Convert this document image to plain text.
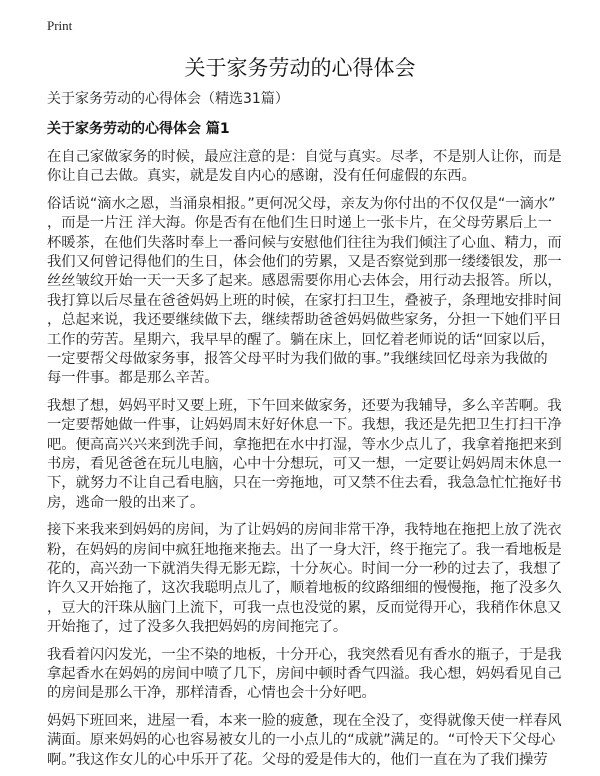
Print
关于家务劳动的心得体会
关于家务劳动的心得体会（精选31篇）
关于家务劳动的心得体会 篇1
在自己家做家务的时候，最应注意的是：自觉与真实。尽孝，不是别人让你，而是
你让自己去做。真实，就是发自内心的感谢，没有任何虚假的东西。
俗话说“滴水之恩，当涌泉相报。”更何况父母，亲友为你付出的不仅仅是“一滴水”
，而是一片汪 洋大海。你是否有在他们生日时递上一张卡片，在父母劳累后上一
杯暖茶，在他们失落时奉上一番问候与安慰他们往往为我们倾注了心血、精力，而
我们又何曾记得他们的生日，体会他们的劳累，又是否察觉到那一缕缕银发，那一
丝丝皱纹开始一天一天多了起来。感恩需要你用心去体会，用行动去报答。所以，
我打算以后尽量在爸爸妈妈上班的时候，在家打扫卫生，叠被子，条理地安排时间
，总起来说，我还要继续做下去，继续帮助爸爸妈妈做些家务，分担一下她们平日
工作的劳苦。星期六，我早早的醒了。躺在床上，回忆着老师说的话“回家以后，
一定要帮父母做家务事，报答父母平时为我们做的事。”我继续回忆母亲为我做的
每一件事。都是那么辛苦。
我想了想，妈妈平时又要上班，下午回来做家务，还要为我辅导，多么辛苦啊。我
一定要帮她做一件事，让妈妈周末好好休息一下。我想，我还是先把卫生打扫干净
吧。便高高兴兴来到洗手间，拿拖把在水中打湿，等水少点儿了，我拿着拖把来到
书房，看见爸爸在玩儿电脑，心中十分想玩，可又一想，一定要让妈妈周末休息一
下，就努力不让自己看电脑，只在一旁拖地，可又禁不住去看，我急急忙忙拖好书
房，逃命一般的出来了。
接下来我来到妈妈的房间，为了让妈妈的房间非常干净，我特地在拖把上放了洗衣
粉，在妈妈的房间中疯狂地拖来拖去。出了一身大汗，终于拖完了。我一看地板是
花的，高兴劲一下就消失得无影无踪，十分灰心。时间一分一秒的过去了，我想了
许久又开始拖了，这次我聪明点儿了，顺着地板的纹路细细的慢慢拖，拖了没多久
，豆大的汗珠从脑门上流下，可我一点也没觉的累，反而觉得开心，我稍作休息又
开始拖了，过了没多久我把妈妈的房间拖完了。
我看着闪闪发光，一尘不染的地板，十分开心，我突然看见有香水的瓶子，于是我
拿起香水在妈妈的房间中喷了几下，房间中顿时香气四溢。我心想，妈妈看见自己
的房间是那么干净，那样清香，心情也会十分好吧。
妈妈下班回来，进屋一看，本来一脸的疲惫，现在全没了，变得就像天使一样春风
满面。原来妈妈的心也容易被女儿的一小点儿的“成就”满足的。“可怜天下父母心
啊。”我这作女儿的心中乐开了花。父母的爱是伟大的，他们一直在为了我们操劳
